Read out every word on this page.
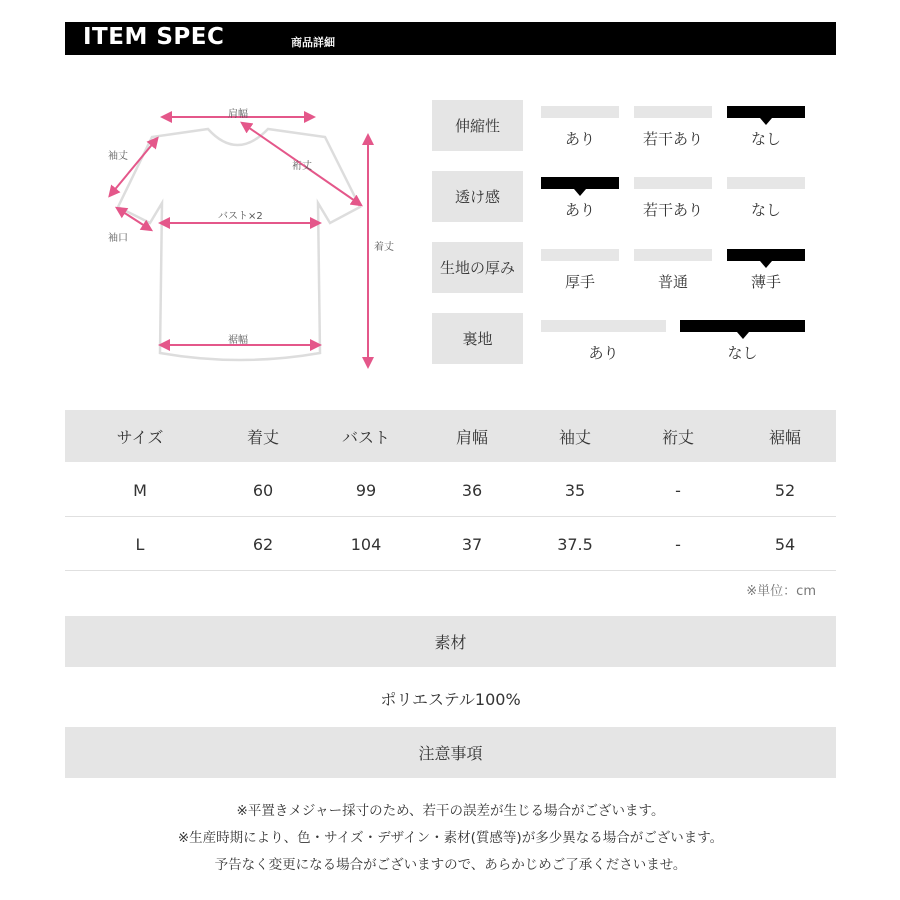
ITEM SPEC	商品詳細
肩幅
袖丈
裄丈
バスト×2
袖口
着丈
裾幅
伸縮性
あり	若干あり	なし
透け感
あり	若干あり	なし
生地の厚み
厚手	普通	薄手
裏地
あり	なし
サイズ	着丈	バスト	肩幅	袖丈	裄丈	裾幅
M	60	99	36	35	-	52
L	62	104	37	37.5	-	54
※単位：cm
素材
ポリエステル100%
注意事項
※平置きメジャー採寸のため、若干の誤差が生じる場合がございます。
※生産時期により、色・サイズ・デザイン・素材(質感等)が多少異なる場合がございます。
予告なく変更になる場合がございますので、あらかじめご了承くださいませ。
